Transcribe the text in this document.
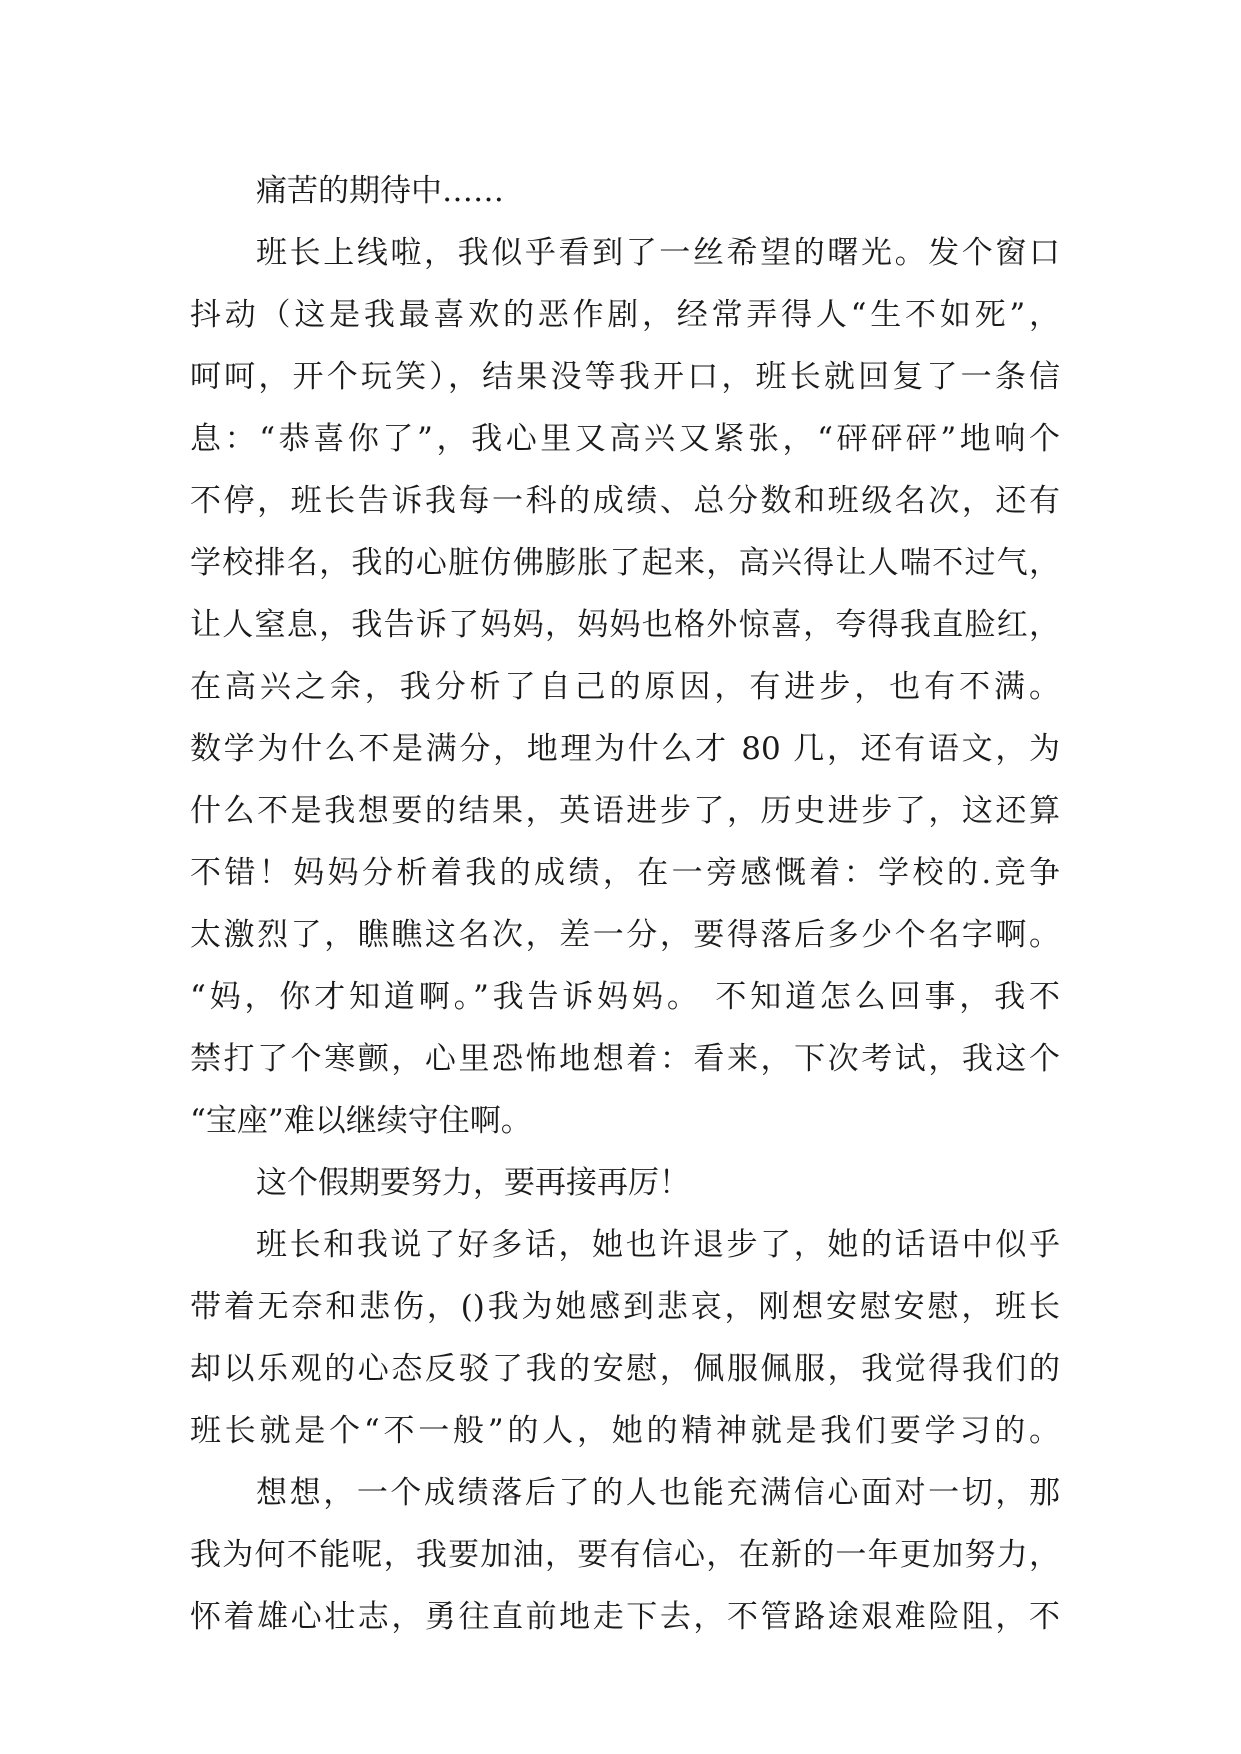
痛苦的期待中……
班长上线啦，我似乎看到了一丝希望的曙光。发个窗口
抖动（这是我最喜欢的恶作剧，经常弄得人“生不如死”，
呵呵，开个玩笑），结果没等我开口，班长就回复了一条信
息：“恭喜你了”，我心里又高兴又紧张，“砰砰砰”地响个
不停，班长告诉我每一科的成绩、总分数和班级名次，还有
学校排名，我的心脏仿佛膨胀了起来，高兴得让人喘不过气，
让人窒息，我告诉了妈妈，妈妈也格外惊喜，夸得我直脸红，
在高兴之余，我分析了自己的原因，有进步，也有不满。
数学为什么不是满分，地理为什么才 80 几，还有语文，为
什么不是我想要的结果，英语进步了，历史进步了，这还算
不错！妈妈分析着我的成绩，在一旁感慨着：学校的.竞争
太激烈了，瞧瞧这名次，差一分，要得落后多少个名字啊。
“妈，你才知道啊。”我告诉妈妈。 不知道怎么回事，我不
禁打了个寒颤，心里恐怖地想着：看来，下次考试，我这个
“宝座”难以继续守住啊。
这个假期要努力，要再接再厉！
班长和我说了好多话，她也许退步了，她的话语中似乎
带着无奈和悲伤，()我为她感到悲哀，刚想安慰安慰，班长
却以乐观的心态反驳了我的安慰，佩服佩服，我觉得我们的
班长就是个“不一般”的人，她的精神就是我们要学习的。
想想，一个成绩落后了的人也能充满信心面对一切，那
我为何不能呢，我要加油，要有信心，在新的一年更加努力，
怀着雄心壮志，勇往直前地走下去，不管路途艰难险阻，不
